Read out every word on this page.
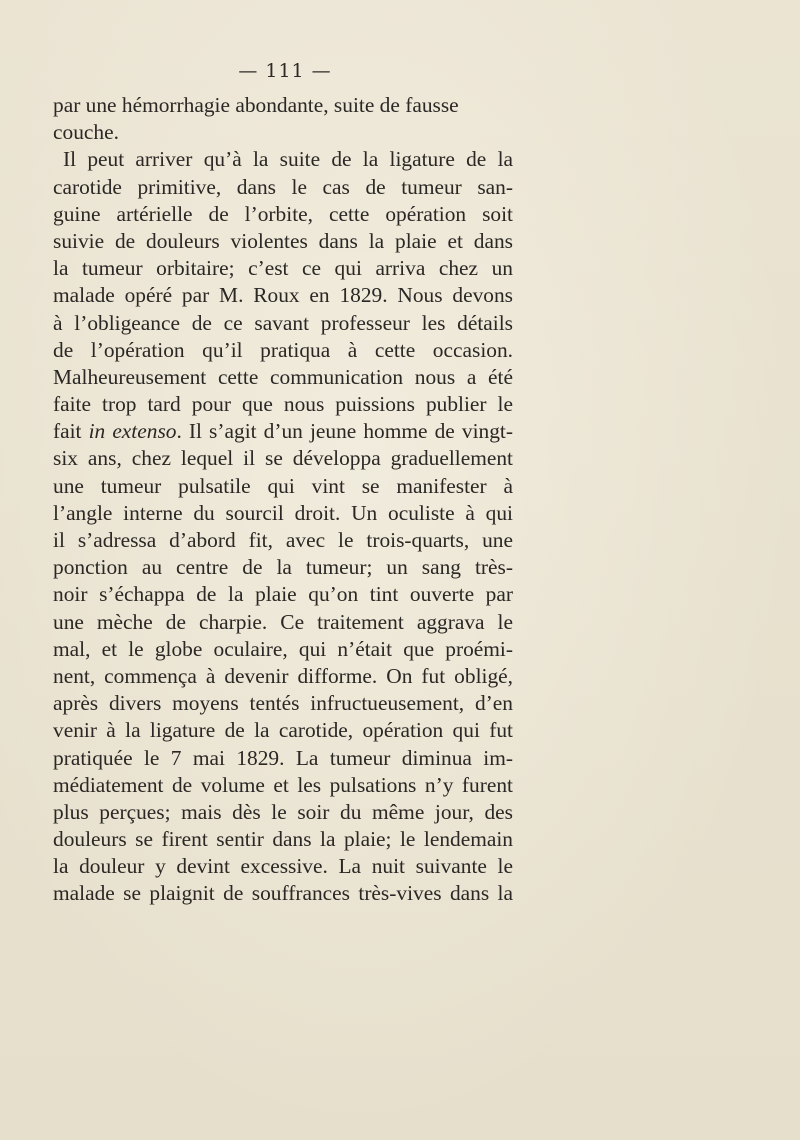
— 111 —
par une hémorrhagie abondante, suite de fausse
couche.
Il peut arriver qu’à la suite de la ligature de la
carotide primitive, dans le cas de tumeur san-
guine artérielle de l’orbite, cette opération soit
suivie de douleurs violentes dans la plaie et dans
la tumeur orbitaire; c’est ce qui arriva chez un
malade opéré par M. Roux en 1829. Nous devons
à l’obligeance de ce savant professeur les détails
de l’opération qu’il pratiqua à cette occasion.
Malheureusement cette communication nous a été
faite trop tard pour que nous puissions publier le
fait in extenso. Il s’agit d’un jeune homme de vingt-
six ans, chez lequel il se développa graduellement
une tumeur pulsatile qui vint se manifester à
l’angle interne du sourcil droit. Un oculiste à qui
il s’adressa d’abord fit, avec le trois-quarts, une
ponction au centre de la tumeur; un sang très-
noir s’échappa de la plaie qu’on tint ouverte par
une mèche de charpie. Ce traitement aggrava le
mal, et le globe oculaire, qui n’était que proémi-
nent, commença à devenir difforme. On fut obligé,
après divers moyens tentés infructueusement, d’en
venir à la ligature de la carotide, opération qui fut
pratiquée le 7 mai 1829. La tumeur diminua im-
médiatement de volume et les pulsations n’y furent
plus perçues; mais dès le soir du même jour, des
douleurs se firent sentir dans la plaie; le lendemain
la douleur y devint excessive. La nuit suivante le
malade se plaignit de souffrances très-vives dans la
